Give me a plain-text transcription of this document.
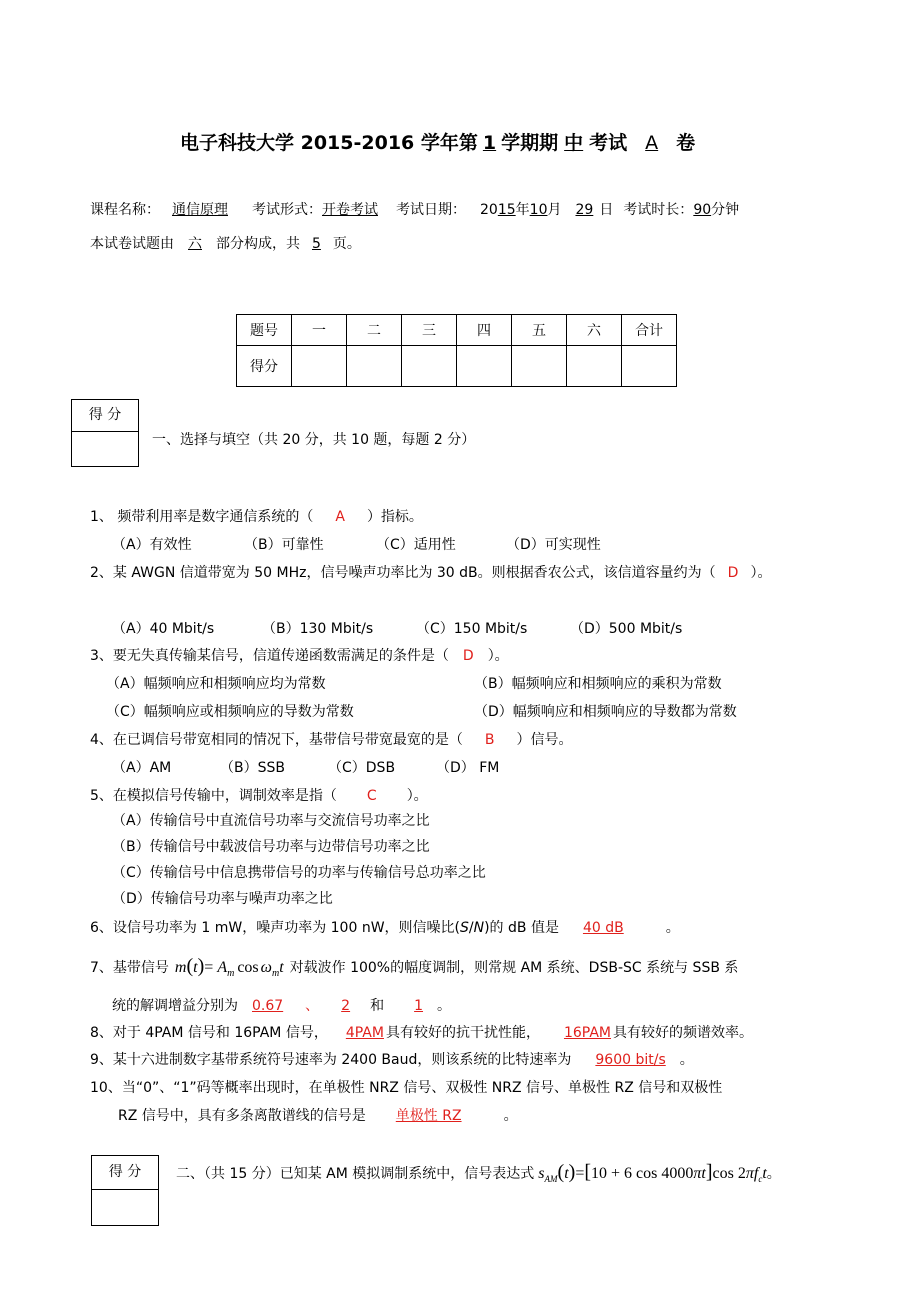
电子科技大学 2015-2016 学年第 1 学期期 中 考试 A 卷
课程名称： 通信原理 考试形式：开卷考试 考试日期： 2015年10月 29 日 考试时长：90分钟
本试卷试题由 六 部分构成，共 5 页。
题号	一	二	三	四	五	六	合计
得分							
得 分
一、选择与填空（共 20 分，共 10 题，每题 2 分）
1、 频带利用率是数字通信系统的（ A ）指标。
（A）有效性	（B）可靠性	（C）适用性	（D）可实现性
2、某 AWGN 信道带宽为 50 MHz，信号噪声功率比为 30 dB。则根据香农公式，该信道容量约为（ D ）。
（A）40 Mbit/s	（B）130 Mbit/s	（C）150 Mbit/s	（D）500 Mbit/s
3、要无失真传输某信号，信道传递函数需满足的条件是（ D ）。
（A）幅频响应和相频响应均为常数	（B）幅频响应和相频响应的乘积为常数
（C）幅频响应或相频响应的导数为常数	（D）幅频响应和相频响应的导数都为常数
4、在已调信号带宽相同的情况下，基带信号带宽最宽的是（ B ）信号。
（A）AM	（B）SSB	（C）DSB	（D） FM
5、在模拟信号传输中，调制效率是指（ C ）。
（A）传输信号中直流信号功率与交流信号功率之比
（B）传输信号中载波信号功率与边带信号功率之比
（C）传输信号中信息携带信号的功率与传输信号总功率之比
（D）传输信号功率与噪声功率之比
6、设信号功率为 1 mW，噪声功率为 100 nW，则信噪比(S/N)的 dB 值是 40 dB	。
7、基带信号 $m(t)= A_m$ $\cos \omega_mt$ 对载波作 100%的幅度调制，则常规 AM 系统、DSB-SC 系统与 SSB 系
统的解调增益分别为 0.67 、 2 和 1 。
8、对于 4PAM 信号和 16PAM 信号， 4PAM 具有较好的抗干扰性能， 16PAM 具有较好的频谱效率。
9、某十六进制数字基带系统符号速率为 2400 Baud，则该系统的比特速率为 9600 bit/s 。
10、当“0”、“1”码等概率出现时，在单极性 NRZ 信号、双极性 NRZ 信号、单极性 RZ 信号和双极性
RZ 信号中，具有多条离散谱线的信号是 单极性 RZ	。
得 分	二、（共 15 分）已知某 AM 模拟调制系统中，信号表达式 $s_{AM}(t)=[10 + 6$ cos 4000πt]cos $2\pi f_ct$。
